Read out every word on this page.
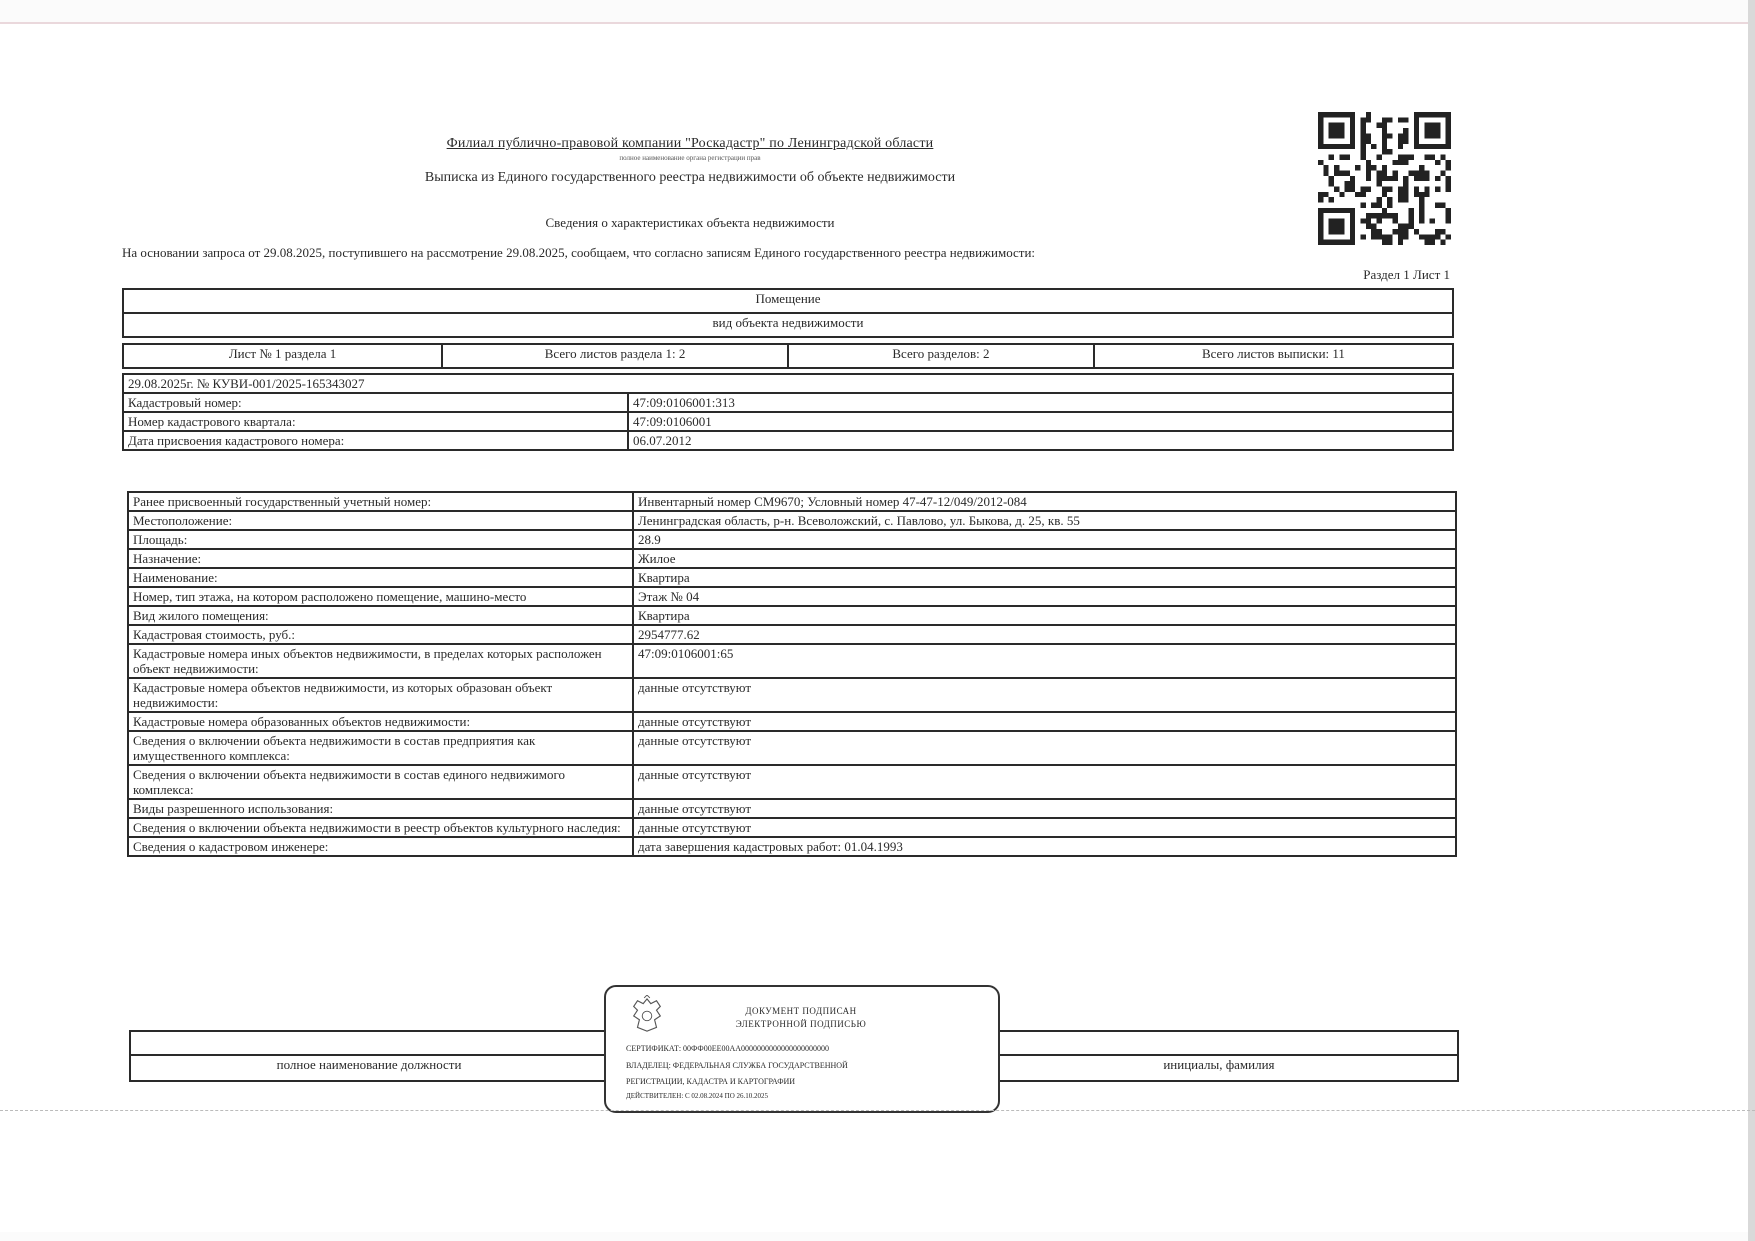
Филиал публично-правовой компании "Роскадастр" по Ленинградской области
полное наименование органа регистрации прав
Выписка из Единого государственного реестра недвижимости об объекте недвижимости
Сведения о характеристиках объекта недвижимости
На основании запроса от 29.08.2025, поступившего на рассмотрение 29.08.2025, сообщаем, что согласно записям Единого государственного реестра недвижимости:
Раздел 1 Лист 1
Помещение
вид объекта недвижимости
Лист № 1 раздела 1	Всего листов раздела 1: 2	Всего разделов: 2	Всего листов выписки: 11
29.08.2025г. № КУВИ-001/2025-165343027	
Кадастровый номер:	47:09:0106001:313
Номер кадастрового квартала:	47:09:0106001
Дата присвоения кадастрового номера:	06.07.2012
Ранее присвоенный государственный учетный номер:	Инвентарный номер СМ9670; Условный номер 47-47-12/049/2012-084
Местоположение:	Ленинградская область, р-н. Всеволожский, с. Павлово, ул. Быкова, д. 25, кв. 55
Площадь:	28.9
Назначение:	Жилое
Наименование:	Квартира
Номер, тип этажа, на котором расположено помещение, машино-место	Этаж № 04
Вид жилого помещения:	Квартира
Кадастровая стоимость, руб.:	2954777.62
Кадастровые номера иных объектов недвижимости, в пределах которых расположен объект недвижимости:	47:09:0106001:65
Кадастровые номера объектов недвижимости, из которых образован объект недвижимости:	данные отсутствуют
Кадастровые номера образованных объектов недвижимости:	данные отсутствуют
Сведения о включении объекта недвижимости в состав предприятия как имущественного комплекса:	данные отсутствуют
Сведения о включении объекта недвижимости в состав единого недвижимого комплекса:	данные отсутствуют
Виды разрешенного использования:	данные отсутствуют
Сведения о включении объекта недвижимости в реестр объектов культурного наследия:	данные отсутствуют
Сведения о кадастровом инженере:	дата завершения кадастровых работ: 01.04.1993

полное наименование должности		инициалы, фамилия
ДОКУМЕНТ ПОДПИСАН
ЭЛЕКТРОННОЙ ПОДПИСЬЮ
СЕРТИФИКАТ: 00ФФ00ЕЕ00АА0000000000000000000000
ВЛАДЕЛЕЦ: ФЕДЕРАЛЬНАЯ СЛУЖБА ГОСУДАРСТВЕННОЙ
РЕГИСТРАЦИИ, КАДАСТРА И КАРТОГРАФИИ
ДЕЙСТВИТЕЛЕН: С 02.08.2024 ПО 26.10.2025
